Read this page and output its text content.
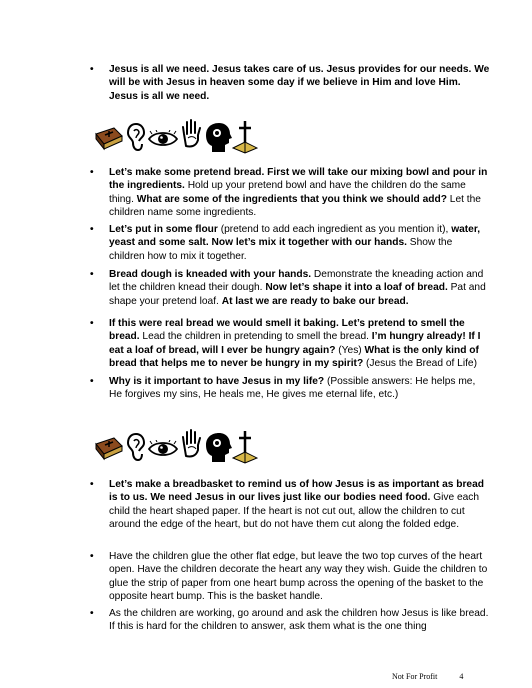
• Jesus is all we need. Jesus takes care of us. Jesus provides for our needs. We will be with Jesus in heaven some day if we believe in Him and love Him. Jesus is all we need.
• Let’s make some pretend bread. First we will take our mixing bowl and pour in the ingredients. Hold up your pretend bowl and have the children do the same thing. What are some of the ingredients that you think we should add? Let the children name some ingredients.
• Let’s put in some flour (pretend to add each ingredient as you mention it), water, yeast and some salt. Now let’s mix it together with our hands. Show the children how to mix it together.
• Bread dough is kneaded with your hands. Demonstrate the kneading action and let the children knead their dough. Now let’s shape it into a loaf of bread. Pat and shape your pretend loaf. At last we are ready to bake our bread.
• If this were real bread we would smell it baking. Let’s pretend to smell the bread. Lead the children in pretending to smell the bread. I’m hungry already! If I eat a loaf of bread, will I ever be hungry again? (Yes) What is the only kind of bread that helps me to never be hungry in my spirit? (Jesus the Bread of Life)
• Why is it important to have Jesus in my life? (Possible answers: He helps me, He forgives my sins, He heals me, He gives me eternal life, etc.)
• Let’s make a breadbasket to remind us of how Jesus is as important as bread is to us. We need Jesus in our lives just like our bodies need food. Give each child the heart shaped paper. If the heart is not cut out, allow the children to cut around the edge of the heart, but do not have them cut along the folded edge.
• Have the children glue the other flat edge, but leave the two top curves of the heart open. Have the children decorate the heart any way they wish. Guide the children to glue the strip of paper from one heart bump across the opening of the basket to the opposite heart bump. This is the basket handle.
• As the children are working, go around and ask the children how Jesus is like bread. If this is hard for the children to answer, ask them what is the one thing
Not For Profit	4
